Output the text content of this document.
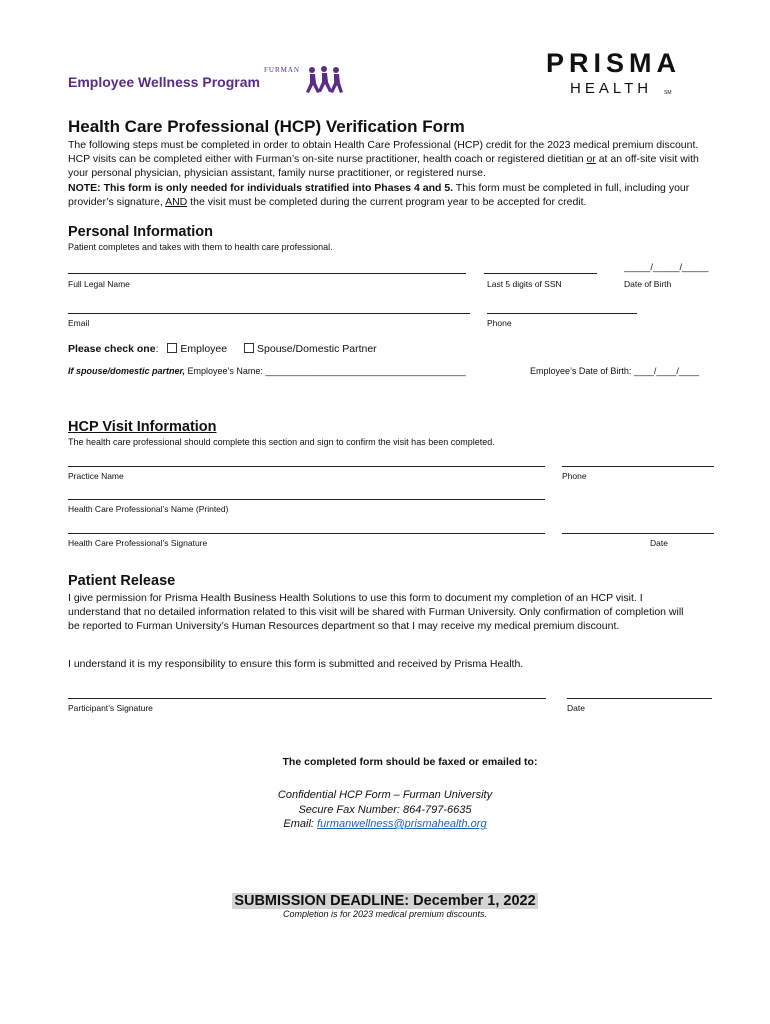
FURMAN
Employee Wellness Program
PRISMA
HEALTH SM
Health Care Professional (HCP) Verification Form
The following steps must be completed in order to obtain Health Care Professional (HCP) credit for the 2023 medical premium discount. HCP visits can be completed either with Furman’s on-site nurse practitioner, health coach or registered dietitian or at an off-site visit with your personal physician, physician assistant, family nurse practitioner, or registered nurse.
NOTE: This form is only needed for individuals stratified into Phases 4 and 5. This form must be completed in full, including your provider’s signature, AND the visit must be completed during the current program year to be accepted for credit.
Personal Information
Patient completes and takes with them to health care professional.
_____/_____/_____
Full Legal Name	Last 5 digits of SSN	Date of Birth
Email	Phone
Please check one: Employee	Spouse/Domestic Partner
If spouse/domestic partner, Employee’s Name: ________________________________________	Employee’s Date of Birth: ____/____/____
HCP Visit Information
The health care professional should complete this section and sign to confirm the visit has been completed.
Practice Name	Phone
Health Care Professional’s Name (Printed)
Health Care Professional’s Signature	Date
Patient Release
I give permission for Prisma Health Business Health Solutions to use this form to document my completion of an HCP visit. I understand that no detailed information related to this visit will be shared with Furman University. Only confirmation of completion will be reported to Furman University’s Human Resources department so that I may receive my medical premium discount.
I understand it is my responsibility to ensure this form is submitted and received by Prisma Health.
Participant’s Signature	Date
The completed form should be faxed or emailed to:
Confidential HCP Form – Furman University
Secure Fax Number: 864-797-6635
Email: furmanwellness@prismahealth.org
SUBMISSION DEADLINE: December 1, 2022
Completion is for 2023 medical premium discounts.
